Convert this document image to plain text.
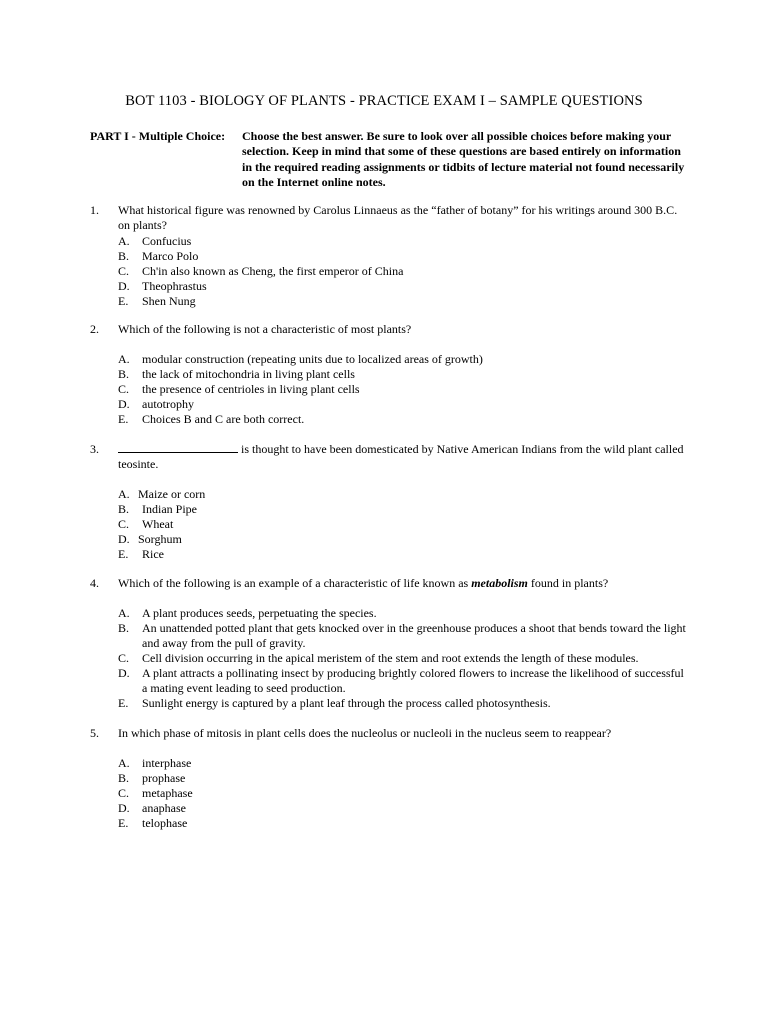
BOT 1103 - BIOLOGY OF PLANTS - PRACTICE EXAM I – SAMPLE QUESTIONS
PART I - Multiple Choice: Choose the best answer. Be sure to look over all possible choices before making your selection. Keep in mind that some of these questions are based entirely on information in the required reading assignments or tidbits of lecture material not found necessarily on the Internet online notes.
1. What historical figure was renowned by Carolus Linnaeus as the “father of botany” for his writings around 300 B.C. on plants?
A. Confucius
B. Marco Polo
C. Ch'in also known as Cheng, the first emperor of China
D. Theophrastus
E. Shen Nung
2. Which of the following is not a characteristic of most plants?
A. modular construction (repeating units due to localized areas of growth)
B. the lack of mitochondria in living plant cells
C. the presence of centrioles in living plant cells
D. autotrophy
E. Choices B and C are both correct.
3.	is thought to have been domesticated by Native American Indians from the wild plant called teosinte.
A. Maize or corn
B. Indian Pipe
C. Wheat
D. Sorghum
E. Rice
4. Which of the following is an example of a characteristic of life known as metabolism found in plants?
A. A plant produces seeds, perpetuating the species.
B. An unattended potted plant that gets knocked over in the greenhouse produces a shoot that bends toward the light and away from the pull of gravity.
C. Cell division occurring in the apical meristem of the stem and root extends the length of these modules.
D. A plant attracts a pollinating insect by producing brightly colored flowers to increase the likelihood of successful a mating event leading to seed production.
E. Sunlight energy is captured by a plant leaf through the process called photosynthesis.
5. In which phase of mitosis in plant cells does the nucleolus or nucleoli in the nucleus seem to reappear?
A. interphase
B. prophase
C. metaphase
D. anaphase
E. telophase
